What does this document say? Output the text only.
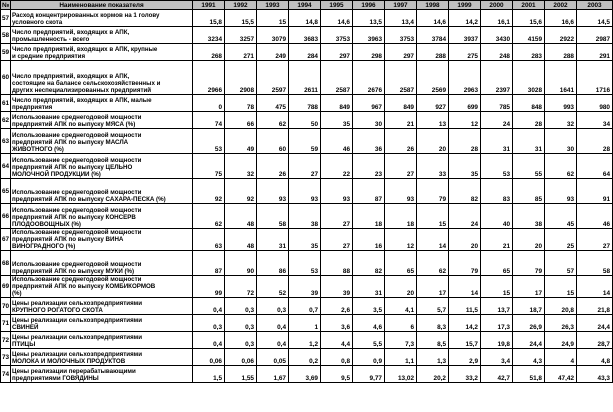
№	Наименование показателя	1991	1992	1993	1994	1995	1996	1997	1998	1999	2000	2001	2002	2003
57	Расход концентрированных кормов на 1 голову
условного скота	15,8	15,5	15	14,8	14,6	13,5	13,4	14,6	14,2	16,1	15,6	16,6	14,5
58	Число предприятий, входящих в АПК,
промышленность - всего	3234	3257	3079	3683	3753	3963	3753	3784	3937	3430	4159	2922	2987
59	Число предприятий, входящих в АПК, крупные
и средние предприятия	268	271	249	284	297	298	297	288	275	248	283	288	291
60	Число предприятий, входящих в АПК,
состоящие на балансе сельскохозяйственных и
других неспециализированных предприятий	2966	2908	2597	2611	2587	2676	2587	2569	2963	2397	3028	1641	1716
61	Число предприятий, входящих в АПК, малые
предприятия	0	78	475	788	849	967	849	927	699	785	848	993	980
62	Использование среднегодовой мощности
предприятий АПК по выпуску МЯСА (%)	74	66	62	50	35	30	21	13	12	24	28	32	34
63	Использование среднегодовой мощности
предприятий АПК по выпуску МАСЛА
ЖИВОТНОГО (%)	53	49	60	59	46	36	26	20	28	31	31	30	28
64	Использование среднегодовой мощности
предприятий АПК по выпуску ЦЕЛЬНО
МОЛОЧНОЙ ПРОДУКЦИИ (%)	75	32	26	27	22	23	27	33	35	53	55	62	64
65	Использование среднегодовой мощности
предприятий АПК по выпуску САХАРА-ПЕСКА (%)	92	92	93	93	93	87	93	79	82	83	85	93	91
66	Использование среднегодовой мощности
предприятий АПК по выпуску КОНСЕРВ
ПЛОДООВОЩНЫХ (%)	62	48	58	38	27	18	18	15	24	40	38	45	46
67	Использование среднегодовой мощности
предприятий АПК по выпуску ВИНА
ВИНОГРАДНОГО (%)	63	48	31	35	27	16	12	14	20	21	20	25	27
68	Использование среднегодовой мощности
предприятий АПК по выпуску МУКИ (%)	87	90	86	53	88	82	65	62	79	65	79	57	58
69	Использование среднегодовой мощности
предприятий АПК по выпуску КОМБИКОРМОВ
(%)	99	72	52	39	39	31	20	17	14	15	17	15	14
70	Цены реализации сельхозпредприятиями
КРУПНОГО РОГАТОГО СКОТА	0,4	0,3	0,3	0,7	2,6	3,5	4,1	5,7	11,5	13,7	18,7	20,8	21,8
71	Цены реализации сельхозпредприятиями
СВИНЕЙ	0,3	0,3	0,4	1	3,6	4,6	6	8,3	14,2	17,3	26,9	26,3	24,4
72	Цены реализации сельхозпредприятиями
ПТИЦЫ	0,4	0,3	0,4	1,2	4,4	5,5	7,3	8,5	15,7	19,8	24,4	24,9	28,7
73	Цены реализации сельхозпредприятиями
МОЛОКА И МОЛОЧНЫХ ПРОДУКТОВ	0,06	0,06	0,05	0,2	0,8	0,9	1,1	1,3	2,9	3,4	4,3	4	4,8
74	Цены реализации перерабатывающими
предприятиями ГОВЯДИНЫ	1,5	1,55	1,67	3,69	9,5	9,77	13,02	20,2	33,2	42,7	51,8	47,42	43,3
